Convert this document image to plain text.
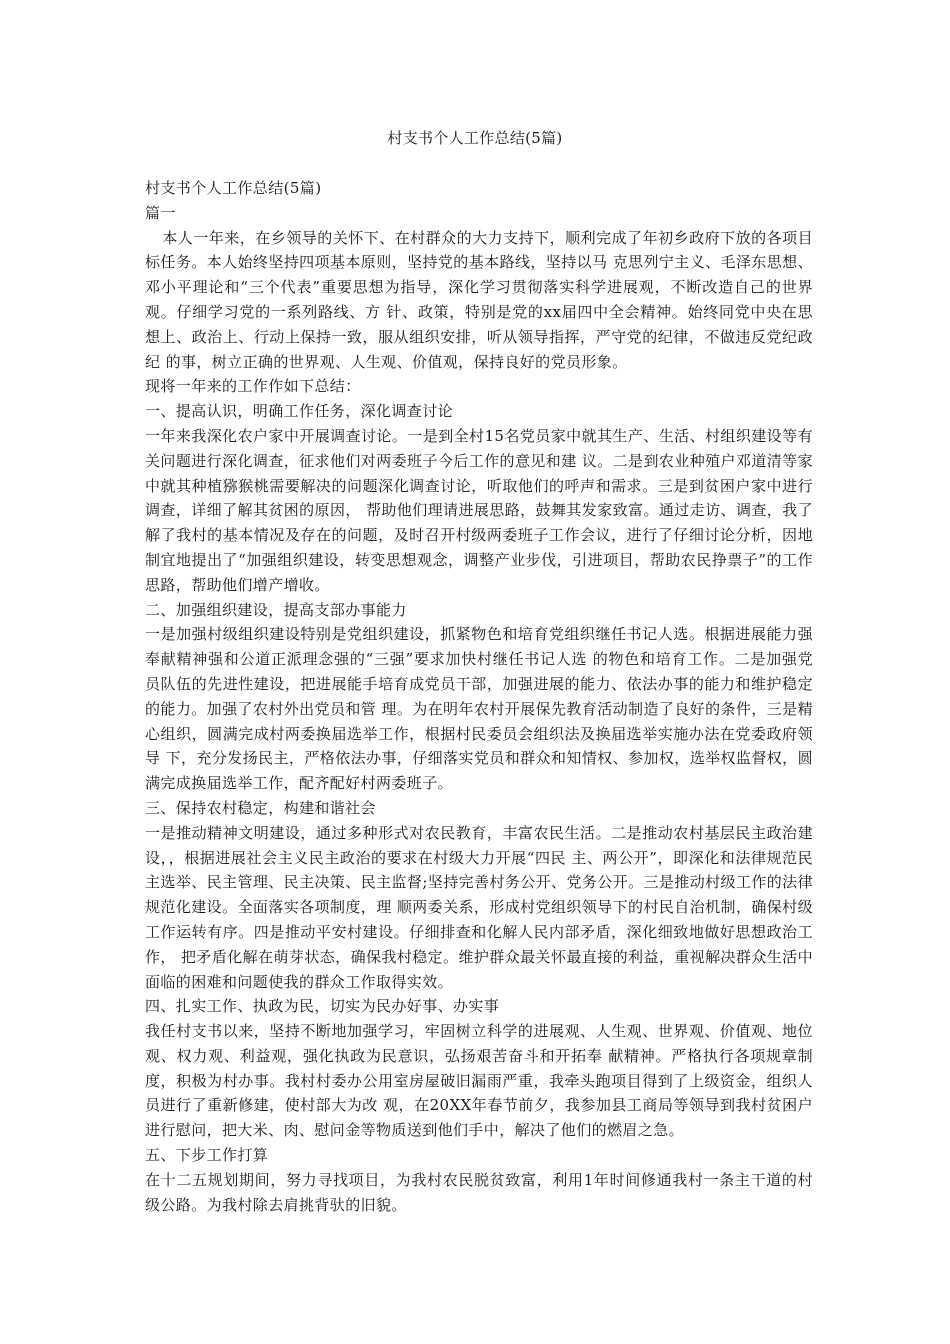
村支书个人工作总结(5篇)

村支书个人工作总结(5篇)

篇一

本人一年来，在乡领导的关怀下、在村群众的大力支持下，顺利完成了年初乡政府下放的各项目标任务。本人始终坚持四项基本原则，坚持党的基本路线，坚持以马 克思列宁主义、毛泽东思想、邓小平理论和“三个代表”重要思想为指导，深化学习贯彻落实科学进展观，不断改造自己的世界观。仔细学习党的一系列路线、方 针、政策，特别是党的xx届四中全会精神。始终同党中央在思想上、政治上、行动上保持一致，服从组织安排，听从领导指挥，严守党的纪律，不做违反党纪政纪 的事，树立正确的世界观、人生观、价值观，保持良好的党员形象。

现将一年来的工作作如下总结：

一、提高认识，明确工作任务，深化调查讨论

一年来我深化农户家中开展调查讨论。一是到全村15名党员家中就其生产、生活、村组织建设等有关问题进行深化调查，征求他们对两委班子今后工作的意见和建 议。二是到农业种殖户邓道清等家中就其种植猕猴桃需要解决的问题深化调查讨论，听取他们的呼声和需求。三是到贫困户家中进行调查，详细了解其贫困的原因， 帮助他们理请进展思路，鼓舞其发家致富。通过走访、调查，我了解了我村的基本情况及存在的问题，及时召开村级两委班子工作会议，进行了仔细讨论分析，因地 制宜地提出了“加强组织建设，转变思想观念，调整产业步伐，引进项目，帮助农民挣票子”的工作思路，帮助他们增产增收。

二、加强组织建设，提高支部办事能力

一是加强村级组织建设特别是党组织建设，抓紧物色和培育党组织继任书记人选。根据进展能力强奉献精神强和公道正派理念强的“三强”要求加快村继任书记人选 的物色和培育工作。二是加强党员队伍的先进性建设，把进展能手培育成党员干部，加强进展的能力、依法办事的能力和维护稳定的能力。加强了农村外出党员和管 理。为在明年农村开展保先教育活动制造了良好的条件，三是精心组织，圆满完成村两委换届选举工作，根据村民委员会组织法及换届选举实施办法在党委政府领导 下，充分发扬民主，严格依法办事，仔细落实党员和群众和知情权、参加权，选举权监督权，圆满完成换届选举工作，配齐配好村两委班子。

三、保持农村稳定，构建和谐社会

一是推动精神文明建设，通过多种形式对农民教育，丰富农民生活。二是推动农村基层民主政治建设，，根据进展社会主义民主政治的要求在村级大力开展“四民 主、两公开”，即深化和法律规范民主选举、民主管理、民主决策、民主监督;坚持完善村务公开、党务公开。三是推动村级工作的法律规范化建设。全面落实各项制度，理 顺两委关系，形成村党组织领导下的村民自治机制，确保村级工作运转有序。四是推动平安村建设。仔细排查和化解人民内部矛盾，深化细致地做好思想政治工作， 把矛盾化解在萌芽状态，确保我村稳定。维护群众最关怀最直接的利益，重视解决群众生活中面临的困难和问题使我的群众工作取得实效。

四、扎实工作、执政为民，切实为民办好事、办实事

我任村支书以来，坚持不断地加强学习，牢固树立科学的进展观、人生观、世界观、价值观、地位观、权力观、利益观，强化执政为民意识，弘扬艰苦奋斗和开拓奉 献精神。严格执行各项规章制度，积极为村办事。我村村委办公用室房屋破旧漏雨严重，我牵头跑项目得到了上级资金，组织人员进行了重新修建，使村部大为改 观，在20XX年春节前夕，我参加县工商局等领导到我村贫困户进行慰问，把大米、肉、慰问金等物质送到他们手中，解决了他们的燃眉之急。

五、下步工作打算

在十二五规划期间，努力寻找项目，为我村农民脱贫致富，利用1年时间修通我村一条主干道的村级公路。为我村除去肩挑背驮的旧貌。
